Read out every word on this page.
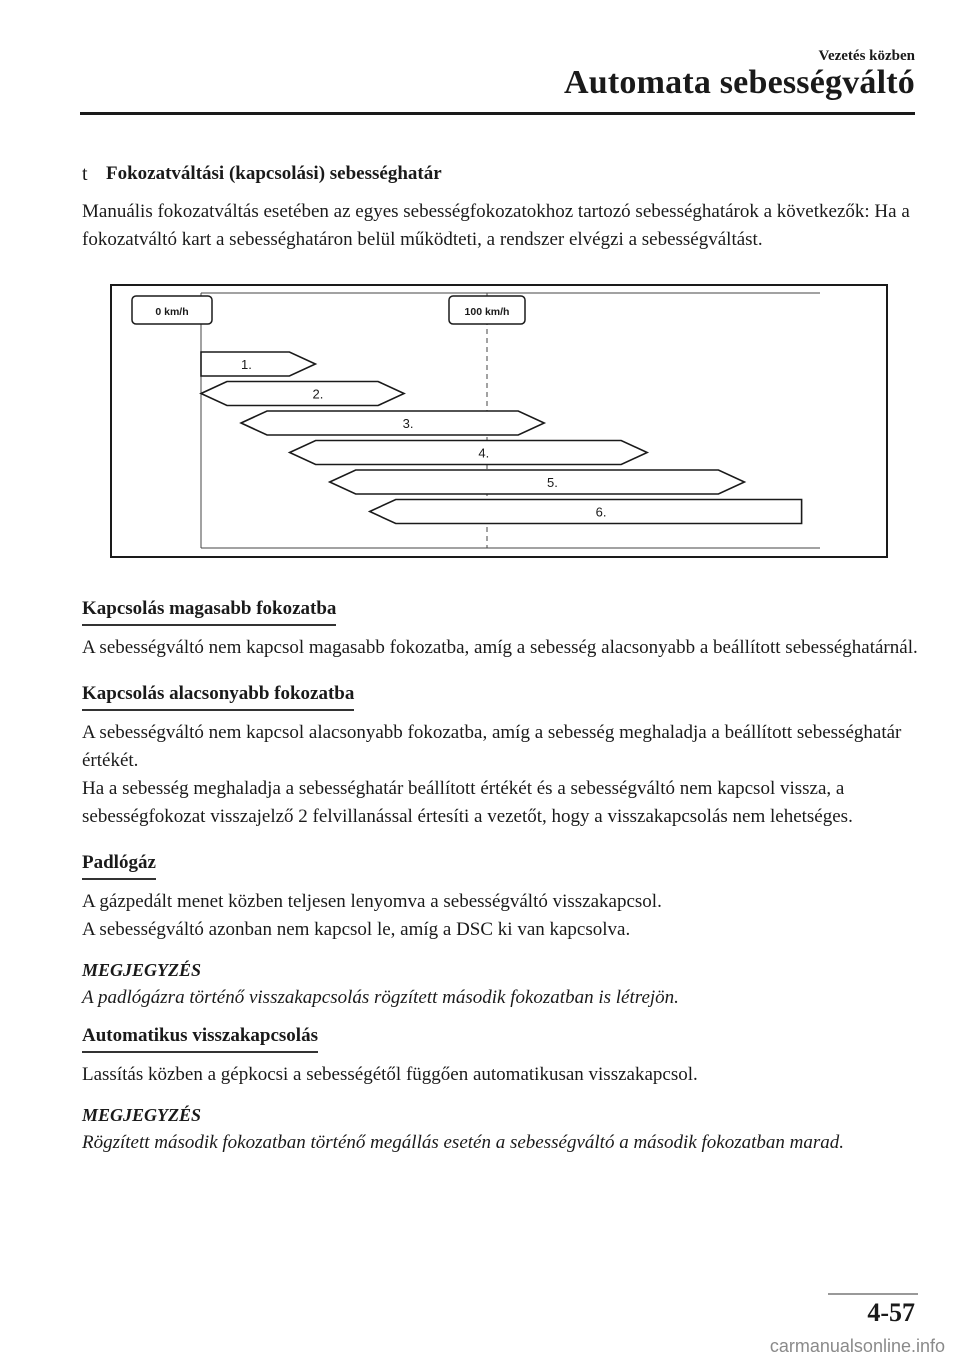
Vezetés közben
Automata sebességváltó
t Fokozatváltási (kapcsolási) sebességhatár

Manuális fokozatváltás esetében az egyes sebességfokozatokhoz tartozó sebességhatárok a következők: Ha a fokozatváltó kart a sebességhatáron belül működteti, a rendszer elvégzi a sebességváltást.

0 km/h	100 km/h
1.
2.
3.
4.
5.
6.
Kapcsolás magasabb fokozatba
A sebességváltó nem kapcsol magasabb fokozatba, amíg a sebesség alacsonyabb a beállított sebességhatárnál.
Kapcsolás alacsonyabb fokozatba
A sebességváltó nem kapcsol alacsonyabb fokozatba, amíg a sebesség meghaladja a beállított sebességhatár értékét.
Ha a sebesség meghaladja a sebességhatár beállított értékét és a sebességváltó nem kapcsol vissza, a sebességfokozat visszajelző 2 felvillanással értesíti a vezetőt, hogy a visszakapcsolás nem lehetséges.
Padlógáz
A gázpedált menet közben teljesen lenyomva a sebességváltó visszakapcsol.
A sebességváltó azonban nem kapcsol le, amíg a DSC ki van kapcsolva.
MEGJEGYZÉS
A padlógázra történő visszakapcsolás rögzített második fokozatban is létrejön.
Automatikus visszakapcsolás

Lassítás közben a gépkocsi a sebességétől függően automatikusan visszakapcsol.

MEGJEGYZÉS
Rögzített második fokozatban történő megállás esetén a sebességváltó a második fokozatban marad.
4-57
carmanualsonline.info
